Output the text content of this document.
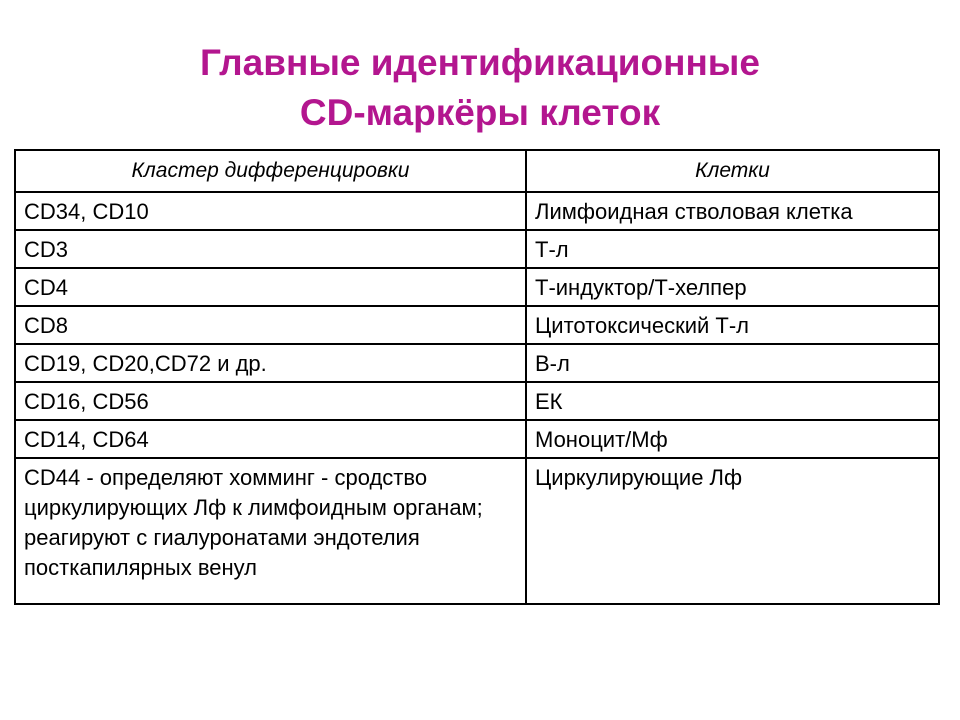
Главные идентификационные
CD-маркёры клеток
Кластер дифференцировки	Клетки
CD34, CD10	Лимфоидная стволовая клетка
CD3	Т-л
CD4	Т-индуктор/Т-хелпер
CD8	Цитотоксический Т-л
CD19, CD20,CD72 и др.	В-л
CD16, CD56	ЕК
CD14, CD64	Моноцит/Мф
CD44 - определяют хомминг - сродство циркулирующих Лф к лимфоидным органам; реагируют с гиалуронатами эндотелия посткапилярных венул	Циркулирующие Лф
